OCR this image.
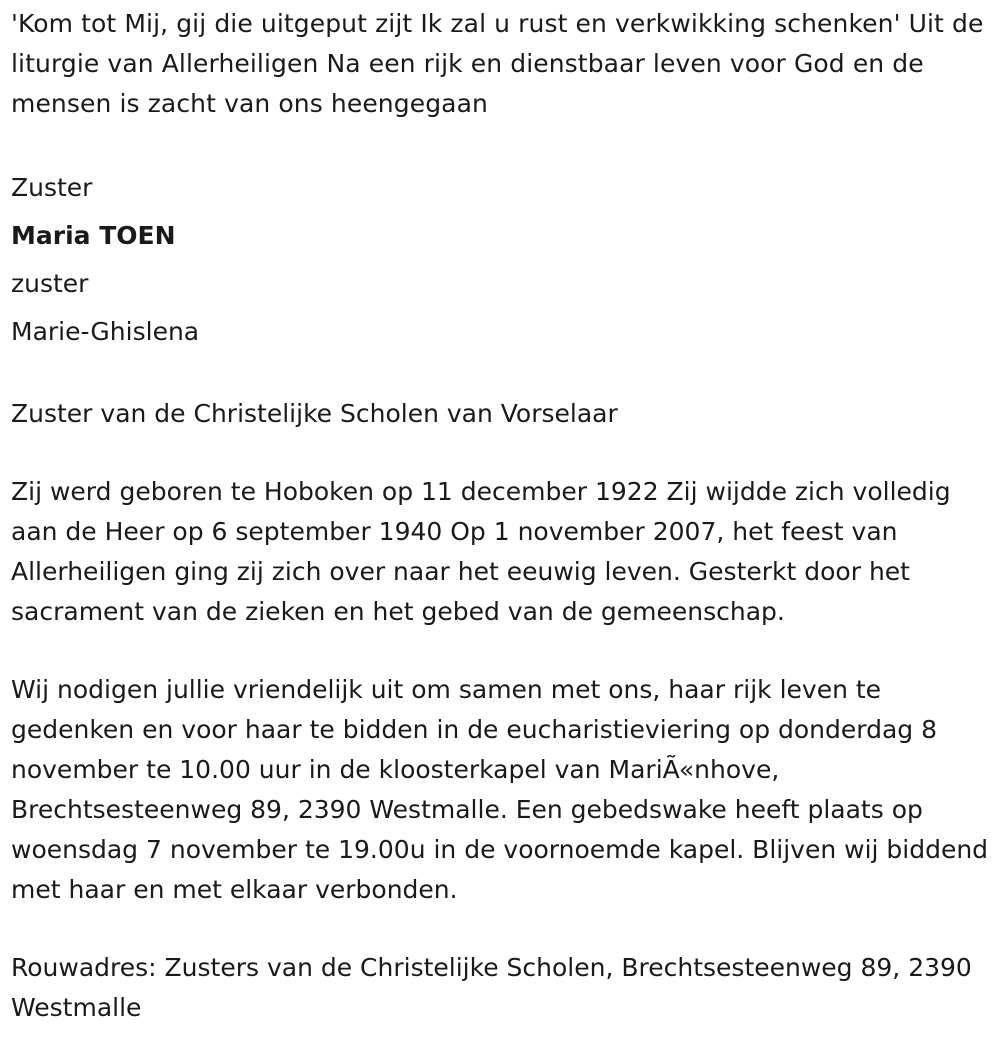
'Kom tot Mij, gij die uitgeput zijt Ik zal u rust en verkwikking schenken' Uit de liturgie van Allerheiligen Na een rijk en dienstbaar leven voor God en de mensen is zacht van ons heengegaan

Zuster
Maria TOEN
zuster
Marie-Ghislena

Zuster van de Christelijke Scholen van Vorselaar

Zij werd geboren te Hoboken op 11 december 1922 Zij wijdde zich volledig aan de Heer op 6 september 1940 Op 1 november 2007, het feest van Allerheiligen ging zij zich over naar het eeuwig leven. Gesterkt door het sacrament van de zieken en het gebed van de gemeenschap.

Wij nodigen jullie vriendelijk uit om samen met ons, haar rijk leven te gedenken en voor haar te bidden in de eucharistieviering op donderdag 8 november te 10.00 uur in de kloosterkapel van MariÃ«nhove, Brechtsesteenweg 89, 2390 Westmalle. Een gebedswake heeft plaats op woensdag 7 november te 19.00u in de voornoemde kapel. Blijven wij biddend met haar en met elkaar verbonden.

Rouwadres: Zusters van de Christelijke Scholen, Brechtsesteenweg 89, 2390 Westmalle
